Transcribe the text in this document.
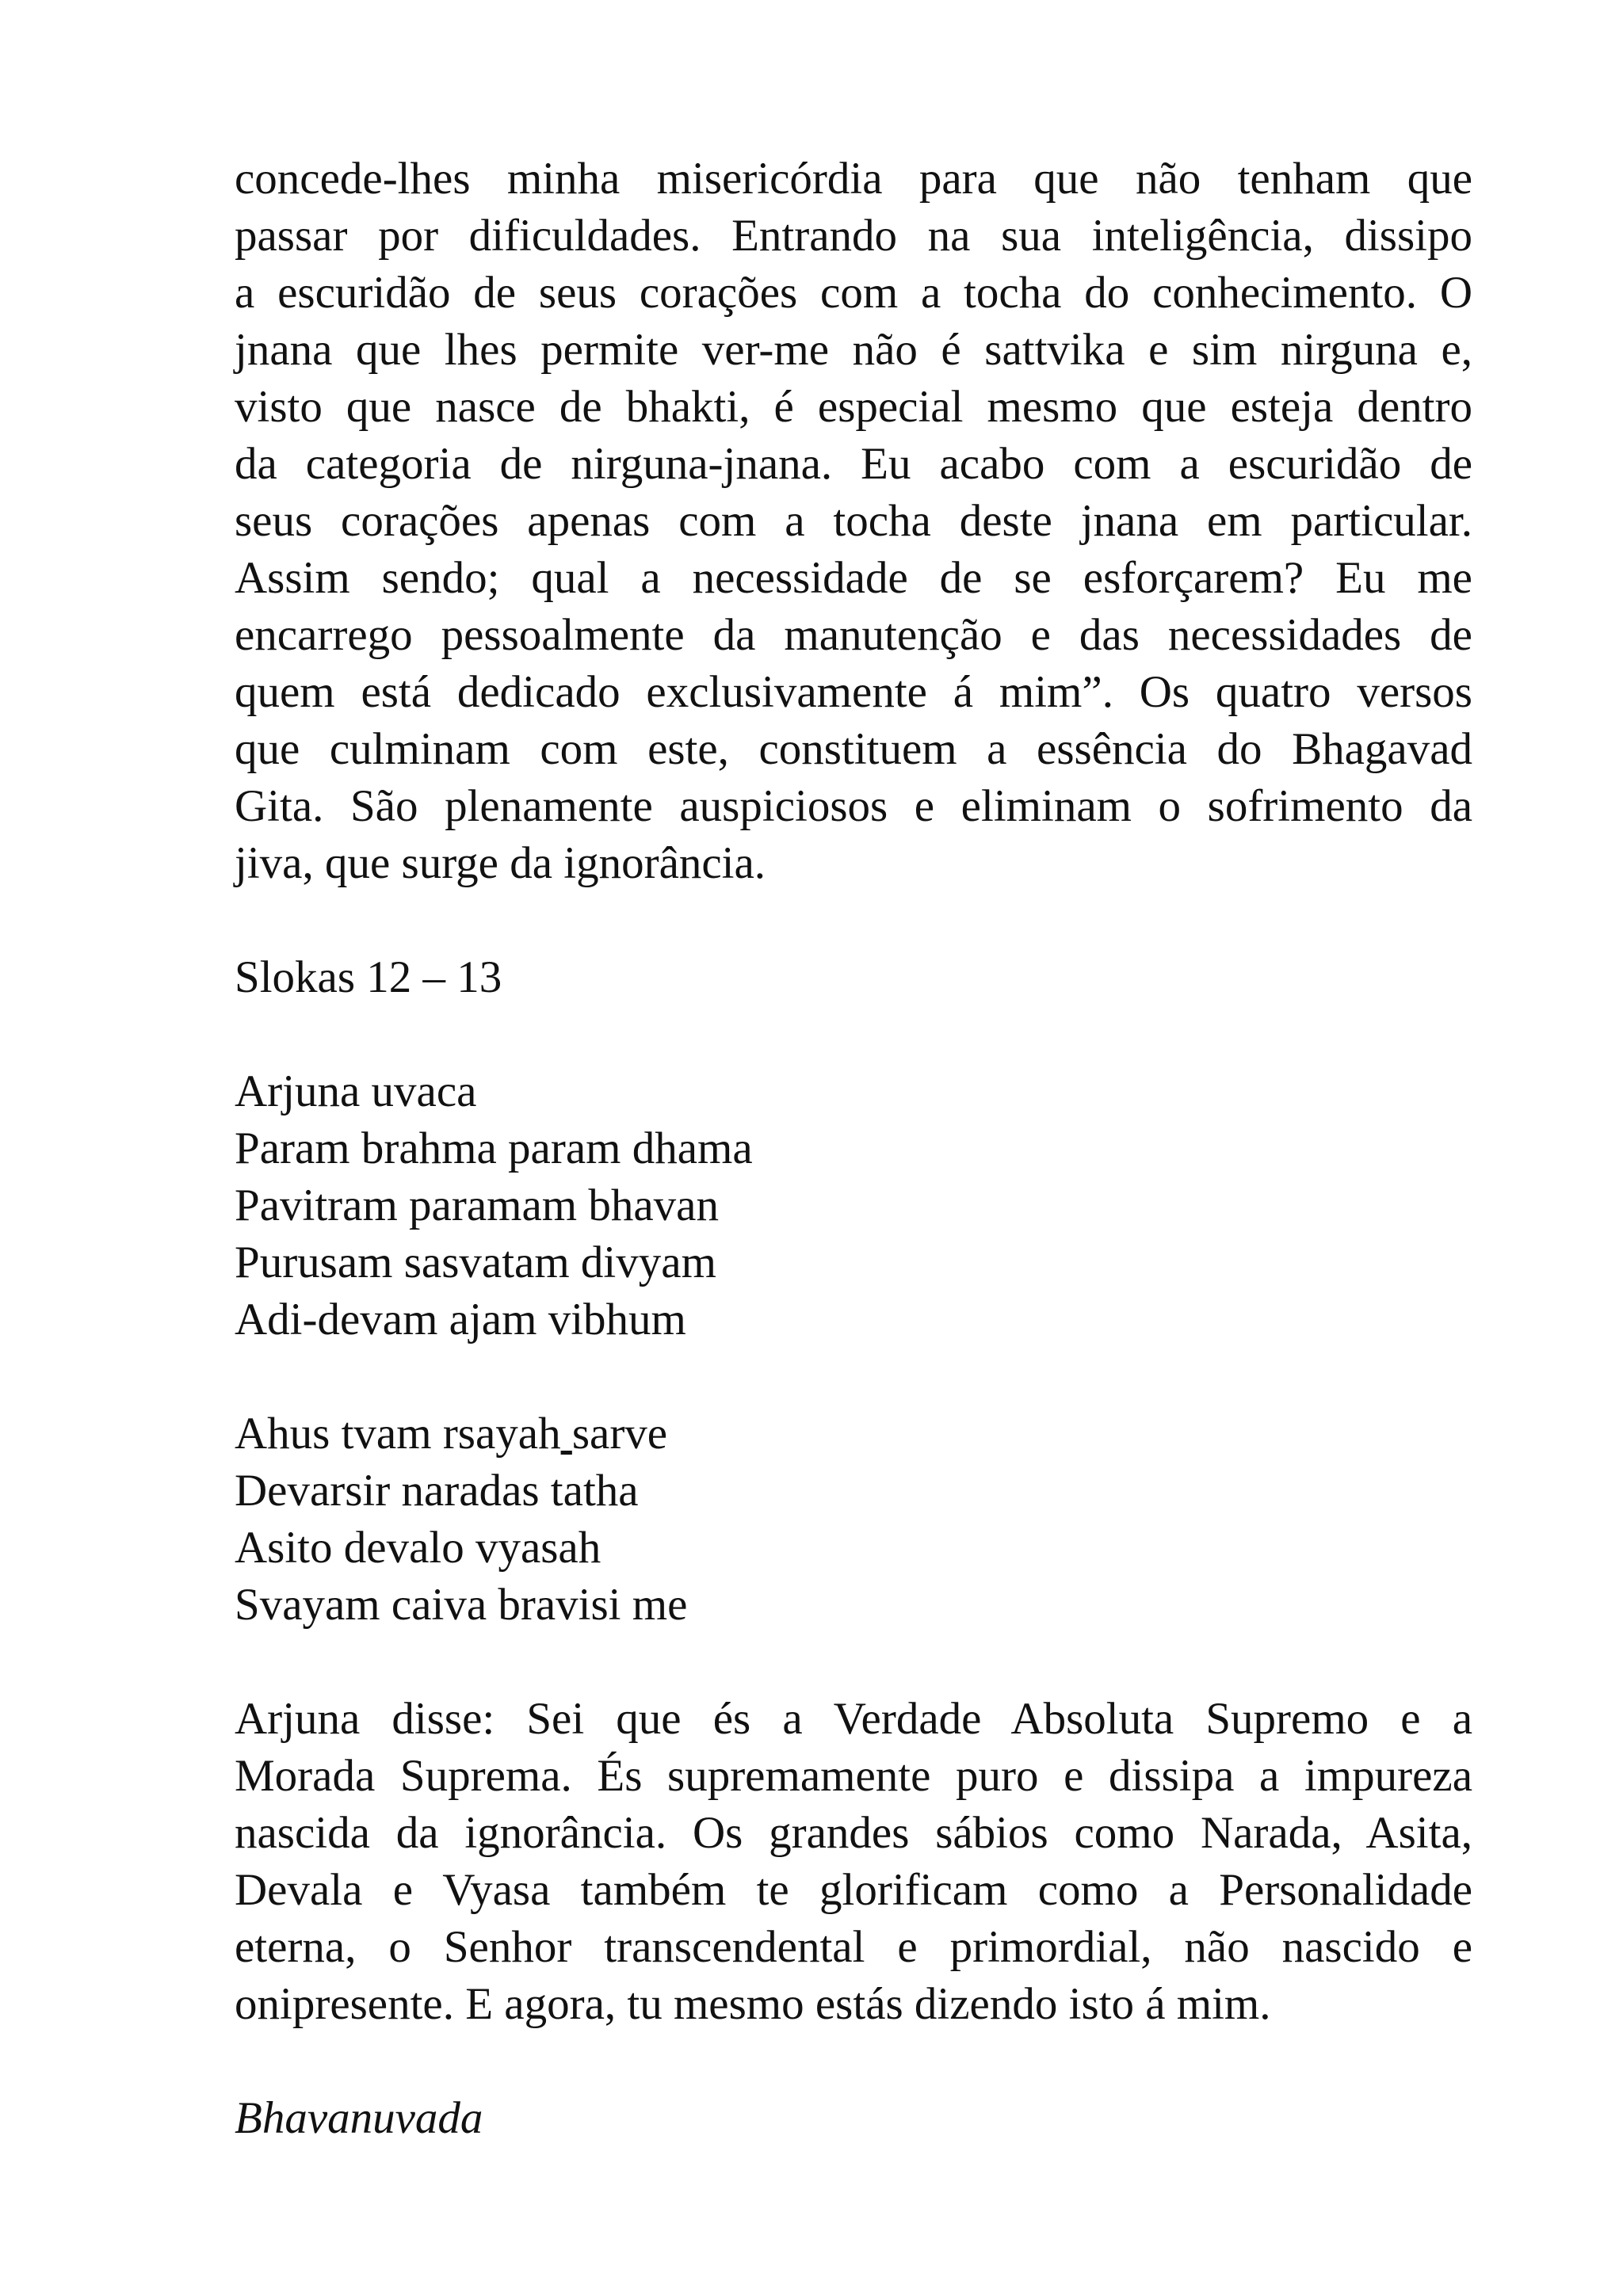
concede-lhes minha misericórdia para que não tenham que

passar por dificuldades. Entrando na sua inteligência, dissipo

a escuridão de seus corações com a tocha do conhecimento. O

jnana que lhes permite ver-me não é sattvika e sim nirguna e,

visto que nasce de bhakti, é especial mesmo que esteja dentro

da categoria de nirguna-jnana. Eu acabo com a escuridão de

seus corações apenas com a tocha deste jnana em particular.

Assim sendo; qual a necessidade de se esforçarem? Eu me

encarrego pessoalmente da manutenção e das necessidades de

quem está dedicado exclusivamente á mim”. Os quatro versos

que culminam com este, constituem a essência do Bhagavad

Gita. São plenamente auspiciosos e eliminam o sofrimento da

jiva, que surge da ignorância.

Slokas 12 – 13

Arjuna uvaca
Param brahma param dhama
Pavitram paramam bhavan
Purusam sasvatam divyam
Adi-devam ajam vibhum
Ahus tvam rsayah sarve
Devarsir naradas tatha
Asito devalo vyasah
Svayam caiva bravisi me

Arjuna disse: Sei que és a Verdade Absoluta Supremo e a

Morada Suprema. És supremamente puro e dissipa a impureza

nascida da ignorância. Os grandes sábios como Narada, Asita,

Devala e Vyasa também te glorificam como a Personalidade

eterna, o Senhor transcendental e primordial, não nascido e

onipresente. E agora, tu mesmo estás dizendo isto á mim.

Bhavanuvada
